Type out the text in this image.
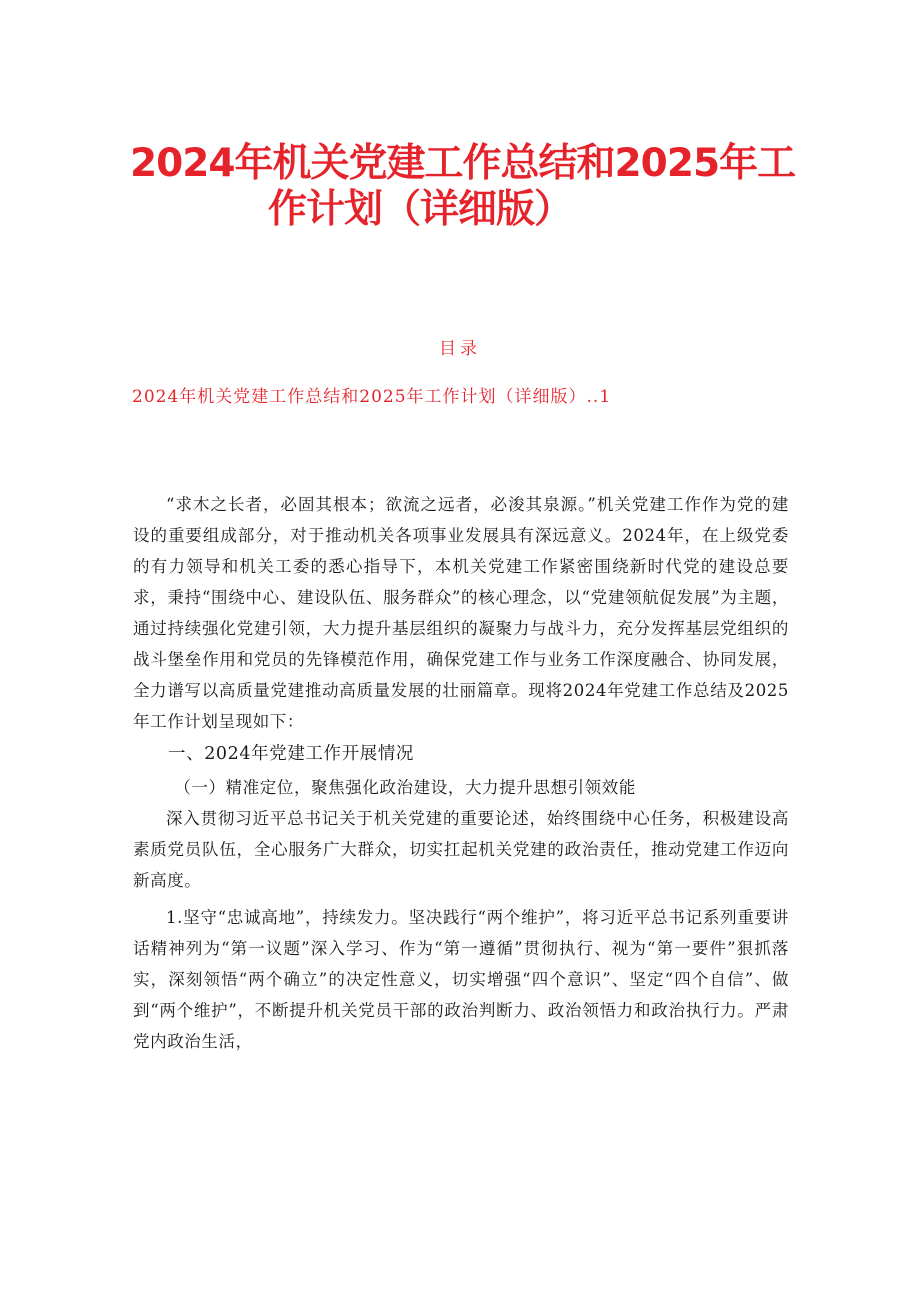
2024年机关党建工作总结和2025年工
作计划（详细版）
目录
2024年机关党建工作总结和2025年工作计划（详细版）..1

“求木之长者，必固其根本；欲流之远者，必浚其泉源。”机关党建工作作为党的建设的重要组成部分，对于推动机关各项事业发展具有深远意义。2024年，在上级党委的有力领导和机关工委的悉心指导下，本机关党建工作紧密围绕新时代党的建设总要求，秉持“围绕中心、建设队伍、服务群众”的核心理念，以“党建领航促发展”为主题，通过持续强化党建引领，大力提升基层组织的凝聚力与战斗力，充分发挥基层党组织的战斗堡垒作用和党员的先锋模范作用，确保党建工作与业务工作深度融合、协同发展，全力谱写以高质量党建推动高质量发展的壮丽篇章。现将2024年党建工作总结及2025年工作计划呈现如下：

一、2024年党建工作开展情况

（一）精准定位，聚焦强化政治建设，大力提升思想引领效能

深入贯彻习近平总书记关于机关党建的重要论述，始终围绕中心任务，积极建设高素质党员队伍，全心服务广大群众，切实扛起机关党建的政治责任，推动党建工作迈向新高度。

1.坚守“忠诚高地”，持续发力。坚决践行“两个维护”，将习近平总书记系列重要讲话精神列为“第一议题”深入学习、作为“第一遵循”贯彻执行、视为“第一要件”狠抓落实，深刻领悟“两个确立”的决定性意义，切实增强“四个意识”、坚定“四个自信”、做到“两个维护”，不断提升机关党员干部的政治判断力、政治领悟力和政治执行力。严肃党内政治生活，
